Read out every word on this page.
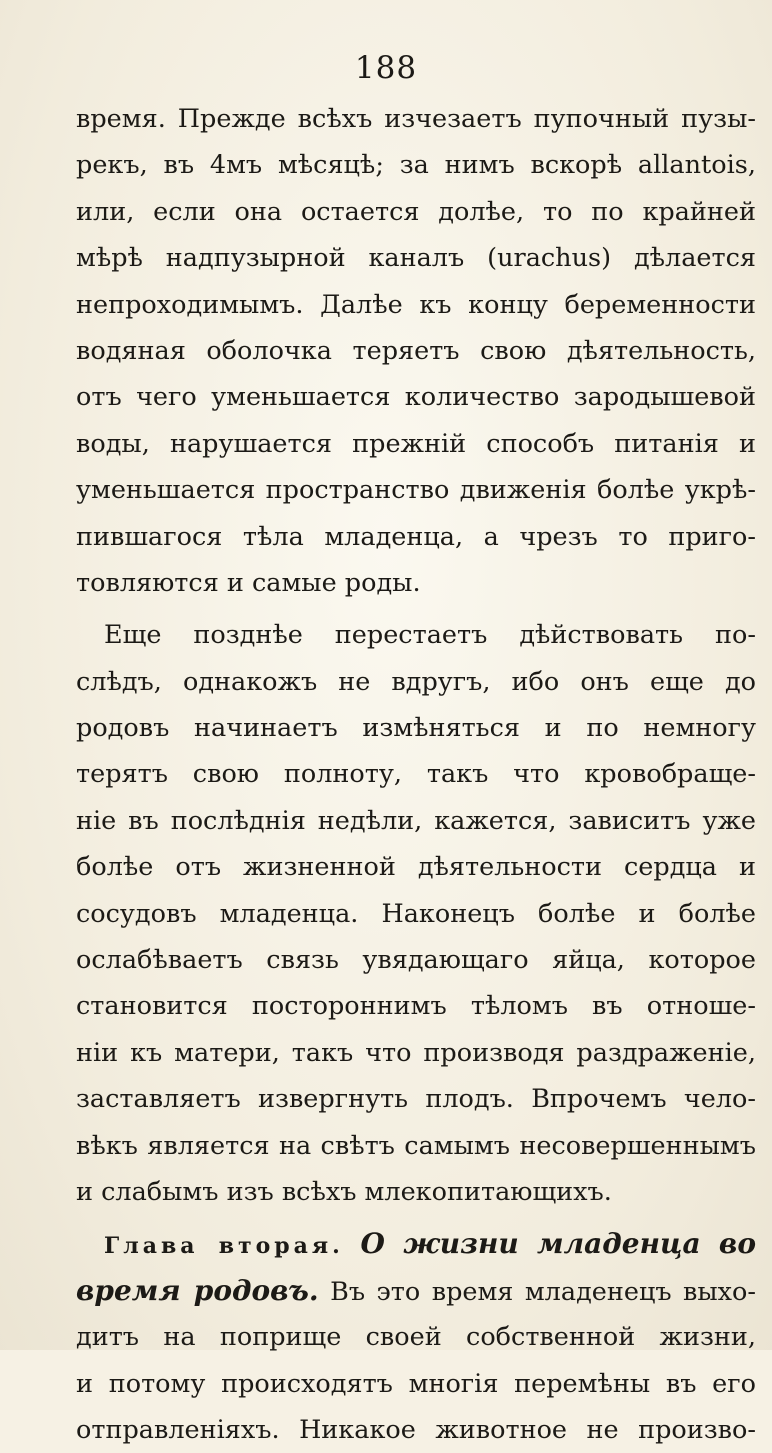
188
время. Прежде всѣхъ изчезаетъ пупочный пузы-
рекъ, въ 4мъ мѣсяцѣ; за нимъ вскорѣ allantois,
или, если она остается долѣе, то по крайней
мѣрѣ надпузырной каналъ (urachus) дѣлается
непроходимымъ. Далѣе къ концу беременности
водяная оболочка теряетъ свою дѣятельность,
отъ чего уменьшается количество зародышевой
воды, нарушается прежній способъ питанія и
уменьшается пространство движенія болѣе укрѣ-
пившагося тѣла младенца, а чрезъ то приго-
товляются и самые роды.
Еще позднѣе перестаетъ дѣйствовать по-
слѣдъ, однакожъ не вдругъ, ибо онъ еще до
родовъ начинаетъ измѣняться и по немногу
терятъ свою полноту, такъ что кровобраще-
ніе въ послѣднія недѣли, кажется, зависитъ уже
болѣе отъ жизненной дѣятельности сердца и
сосудовъ младенца. Наконецъ болѣе и болѣе
ослабѣваетъ связь увядающаго яйца, которое
становится постороннимъ тѣломъ въ отноше-
ніи къ матери, такъ что производя раздраженіе,
заставляетъ извергнуть плодъ. Впрочемъ чело-
вѣкъ является на свѣтъ самымъ несовершеннымъ
и слабымъ изъ всѣхъ млекопитающихъ.
Глава вторая. О жизни младенца во
время родовъ. Въ это время младенецъ выхо-
дитъ на поприще своей собственной жизни,
и потому происходятъ многія перемѣны въ его
отправленіяхъ. Никакое животное не произво-
